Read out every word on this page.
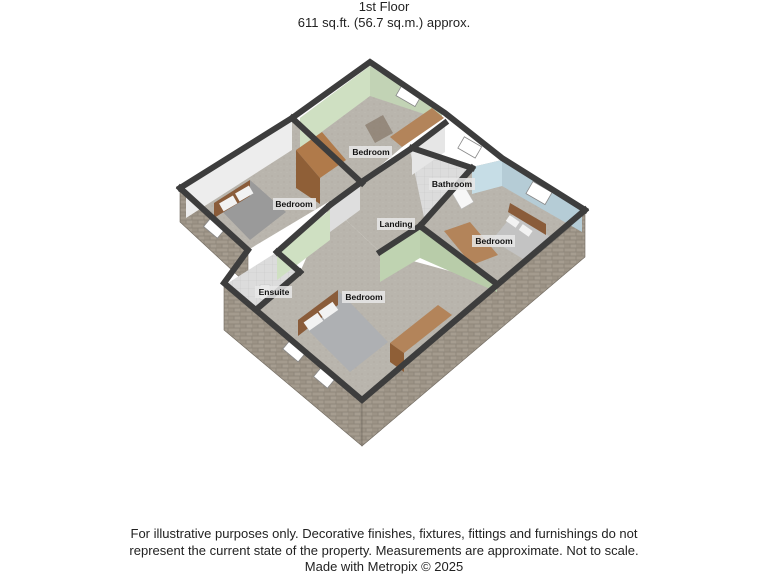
1st Floor
611 sq.ft. (56.7 sq.m.) approx.
Bedroom
Bedroom
Bathroom
Landing
Bedroom
Ensuite	Bedroom
For illustrative purposes only. Decorative finishes, fixtures, fittings and furnishings do not
represent the current state of the property. Measurements are approximate. Not to scale.
Made with Metropix © 2025
